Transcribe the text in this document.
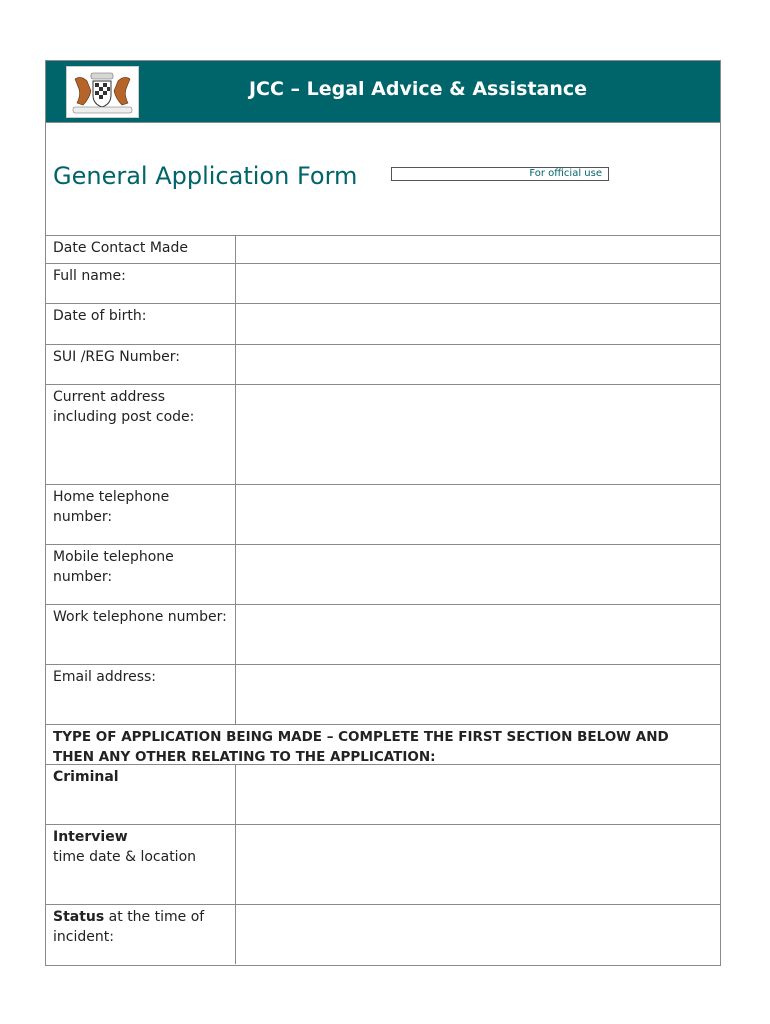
JCC – Legal Advice & Assistance
General Application Form	For official use
Date Contact Made
Full name:
Date of birth:
SUI /REG Number:
Current address including post code:
Home telephone number:
Mobile telephone number:
Work telephone number:
Email address:
TYPE OF APPLICATION BEING MADE – COMPLETE THE FIRST SECTION BELOW AND THEN ANY OTHER RELATING TO THE APPLICATION:
Criminal
Interview
time date & location
Status at the time of incident:
